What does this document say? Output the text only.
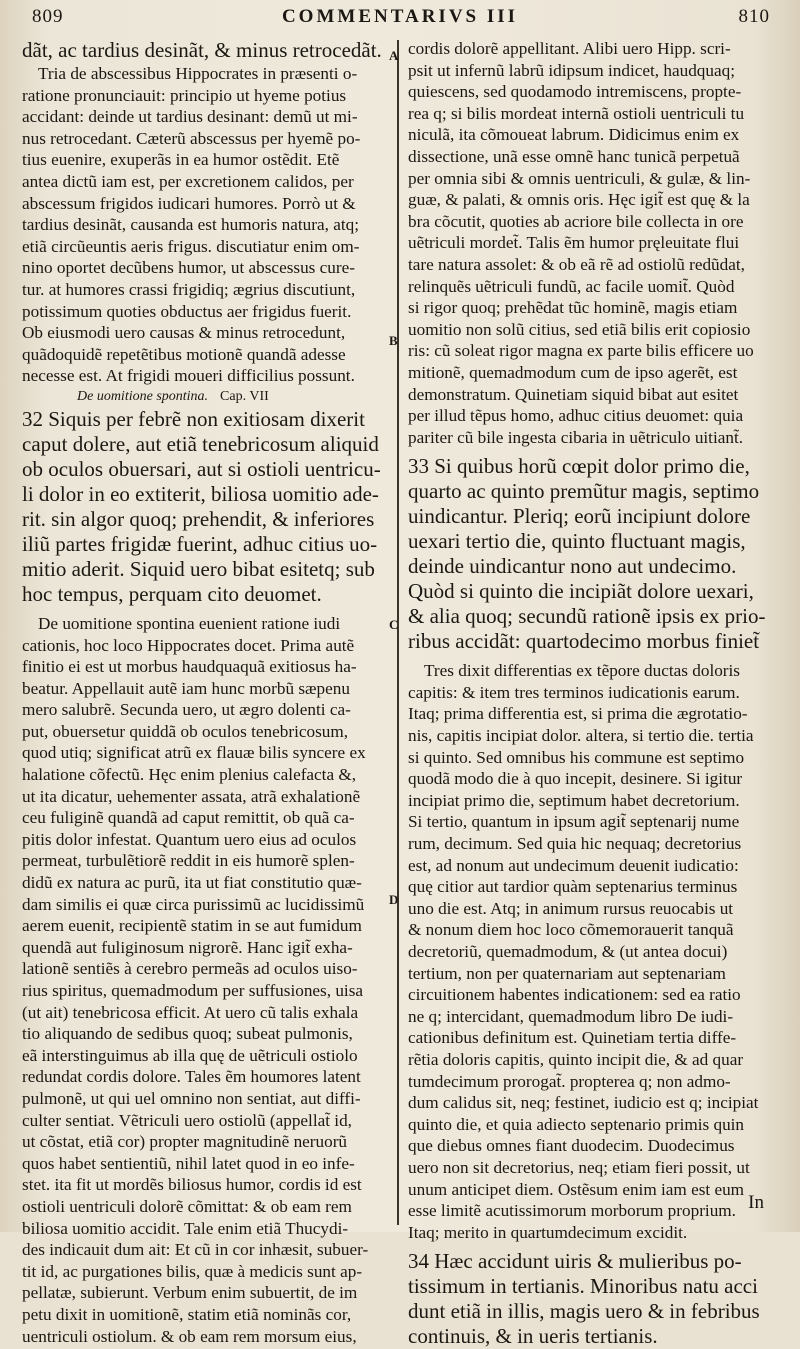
809	COMMENTARIVS III	810
A
B
C
D
dãt, ac tardius desinãt, & minus retrocedãt.
Tria de abscessibus Hippocrates in præsenti o-
ratione pronunciauit: principio ut hyeme potius
accidant: deinde ut tardius desinant: demũ ut mi-
nus retrocedant. Cæterũ abscessus per hyemẽ po-
tius euenire, exuperãs in ea humor ostẽdit. Etẽ
antea dictũ iam est, per excretionem calidos, per
abscessum frigidos iudicari humores. Porrò ut &
tardius desinãt, causanda est humoris natura, atq;
etiã circũeuntis aeris frigus. discutiatur enim om-
nino oportet decũbens humor, ut abscessus cure-
tur. at humores crassi frigidiq; ægrius discutiunt,
potissimum quoties obductus aer frigidus fuerit.
Ob eiusmodi uero causas & minus retrocedunt,
quãdoquidẽ repetẽtibus motionẽ quandã adesse
necesse est. At frigidi moueri difficilius possunt.
De uomitione spontina. Cap. VII
32 Siquis per febrẽ non exitiosam dixerit
caput dolere, aut etiã tenebricosum aliquid
ob oculos obuersari, aut si ostioli uentricu-
li dolor in eo extiterit, biliosa uomitio ade-
rit. sin algor quoq; prehendit, & inferiores
iliũ partes frigidæ fuerint, adhuc citius uo-
mitio aderit. Siquid uero bibat esitetq; sub
hoc tempus, perquam cito deuomet.
De uomitione spontina euenient ratione iudi
cationis, hoc loco Hippocrates docet. Prima autẽ
finitio ei est ut morbus haudquaquã exitiosus ha-
beatur. Appellauit autẽ iam hunc morbũ sæpenu
mero salubrẽ. Secunda uero, ut ægro dolenti ca-
put, obuersetur quiddã ob oculos tenebricosum,
quod utiq; significat atrũ ex flauæ bilis syncere ex
halatione cõfectũ. Hęc enim plenius calefacta &,
ut ita dicatur, uehementer assata, atrã exhalationẽ
ceu fuliginẽ quandã ad caput remittit, ob quã ca-
pitis dolor infestat. Quantum uero eius ad oculos
permeat, turbulẽtiorẽ reddit in eis humorẽ splen-
didũ ex natura ac purũ, ita ut fiat constitutio quæ-
dam similis ei quæ circa purissimũ ac lucidissimũ
aerem euenit, recipientẽ statim in se aut fumidum
quendã aut fuliginosum nigrorẽ. Hanc igit̃ exha-
lationẽ sentiẽs à cerebro permeãs ad oculos uiso-
rius spiritus, quemadmodum per suffusiones, uisa
(ut ait) tenebricosa efficit. At uero cũ talis exhala
tio aliquando de sedibus quoq; subeat pulmonis,
eã interstinguimus ab illa quę de uẽtriculi ostiolo
redundat cordis dolore. Tales ẽm houmores latent
pulmonẽ, ut qui uel omnino non sentiat, aut diffi-
culter sentiat. Vẽtriculi uero ostiolũ (appellat̃ id,
ut cõstat, etiã cor) propter magnitudinẽ neruorũ
quos habet sentientiũ, nihil latet quod in eo infe-
stet. ita fit ut mordẽs biliosus humor, cordis id est
ostioli uentriculi dolorẽ cõmittat: & ob eam rem
biliosa uomitio accidit. Tale enim etiã Thucydi-
des indicauit dum ait: Et cũ in cor inhæsit, subuer-
tit id, ac purgationes bilis, quæ à medicis sunt ap-
pellatæ, subierunt. Verbum enim subuertit, de im
petu dixit in uomitionẽ, statim etiã nominãs cor,
uentriculi ostiolum. & ob eam rem morsum eius,
cordis dolorẽ appellitant. Alibi uero Hipp. scri-
psit ut infernũ labrũ idipsum indicet, haudquaq;
quiescens, sed quodamodo intremiscens, propte-
rea q; si bilis mordeat internã ostioli uentriculi tu
niculã, ita cõmoueat labrum. Didicimus enim ex
dissectione, unã esse omnẽ hanc tunicã perpetuã
per omnia sibi & omnis uentriculi, & gulæ, & lin-
guæ, & palati, & omnis oris. Hęc igit̃ est quę & la
bra cõcutit, quoties ab acriore bile collecta in ore
uẽtriculi mordet̃. Talis ẽm humor pręleuitate flui
tare natura assolet: & ob eã rẽ ad ostiolũ redũdat,
relinquẽs uẽtriculi fundũ, ac facile uomit̃. Quòd
si rigor quoq; prehẽdat tũc hominẽ, magis etiam
uomitio non solũ citius, sed etiã bilis erit copiosio
ris: cũ soleat rigor magna ex parte bilis efficere uo
mitionẽ, quemadmodum cum de ipso agerẽt, est
demonstratum. Quinetiam siquid bibat aut esitet
per illud tẽpus homo, adhuc citius deuomet: quia
pariter cũ bile ingesta cibaria in uẽtriculo uitiant̃.
33 Si quibus horũ cœpit dolor primo die,
quarto ac quinto premũtur magis, septimo
uindicantur. Pleriq; eorũ incipiunt dolore
uexari tertio die, quinto fluctuant magis,
deinde uindicantur nono aut undecimo.
Quòd si quinto die incipiãt dolore uexari,
& alia quoq; secundũ rationẽ ipsis ex prio-
ribus accidãt: quartodecimo morbus finiet̃
Tres dixit differentias ex tẽpore ductas doloris
capitis: & item tres terminos iudicationis earum.
Itaq; prima differentia est, si prima die ægrotatio-
nis, capitis incipiat dolor. altera, si tertio die. tertia
si quinto. Sed omnibus his commune est septimo
quodã modo die à quo incepit, desinere. Si igitur
incipiat primo die, septimum habet decretorium.
Si tertio, quantum in ipsum agit̃ septenarij nume
rum, decimum. Sed quia hic nequaq; decretorius
est, ad nonum aut undecimum deuenit iudicatio:
quę citior aut tardior quàm septenarius terminus
uno die est. Atq; in animum rursus reuocabis ut
& nonum diem hoc loco cõmemorauerit tanquã
decretoriũ, quemadmodum, & (ut antea docui)
tertium, non per quaternariam aut septenariam
circuitionem habentes indicationem: sed ea ratio
ne q; intercidant, quemadmodum libro De iudi-
cationibus definitum est. Quinetiam tertia diffe-
rẽtia doloris capitis, quinto incipit die, & ad quar
tumdecimum prorogat̃. propterea q; non admo-
dum calidus sit, neq; festinet, iudicio est q; incipiat
quinto die, et quia adiecto septenario primis quin
que diebus omnes fiant duodecim. Duodecimus
uero non sit decretorius, neq; etiam fieri possit, ut
unum anticipet diem. Ostẽsum enim iam est eum
esse limitẽ acutissimorum morborum proprium.
Itaq; merito in quartumdecimum excidit.
34 Hæc accidunt uiris & mulieribus po-
tissimum in tertianis. Minoribus natu acci
dunt etiã in illis, magis uero & in febribus
continuis, & in ueris tertianis.
In
